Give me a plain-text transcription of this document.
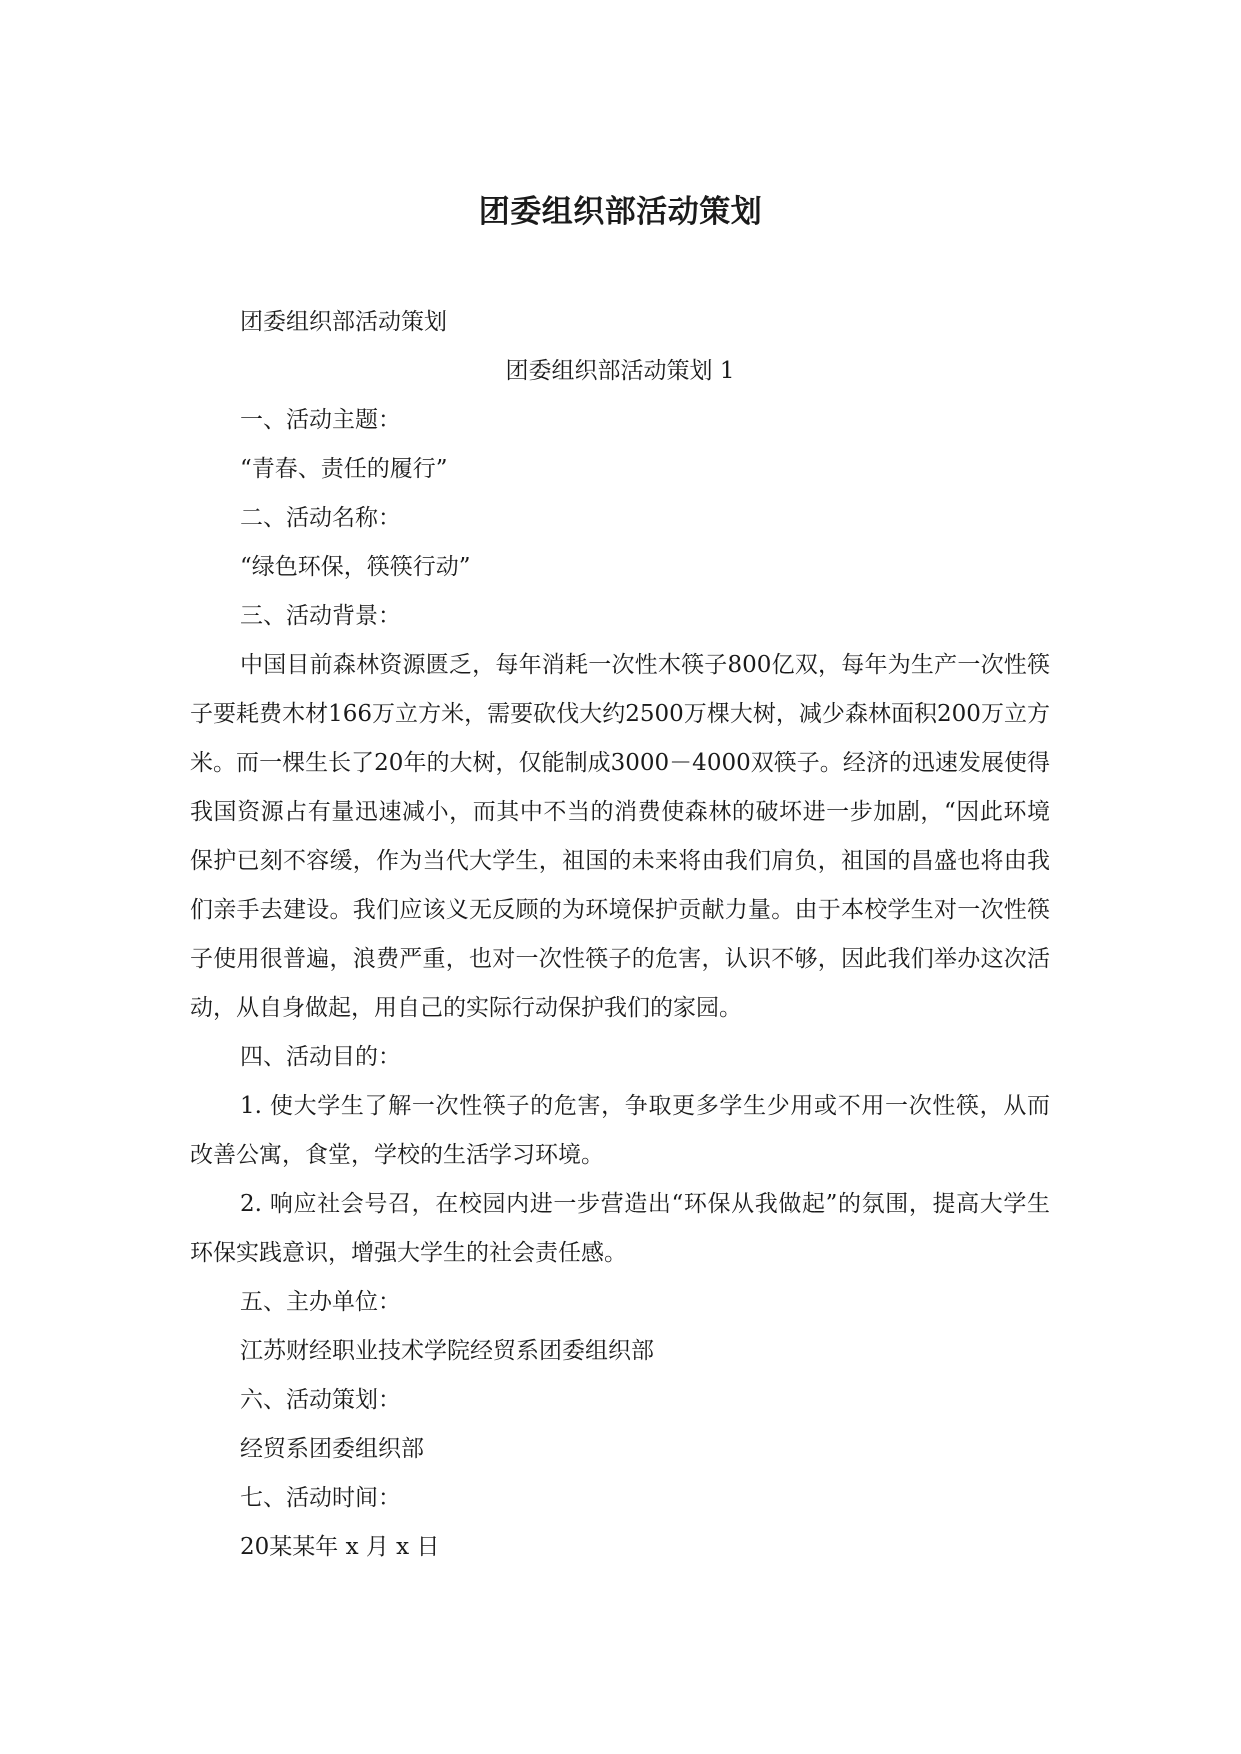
团委组织部活动策划

团委组织部活动策划

团委组织部活动策划 1

一、活动主题：

“青春、责任的履行”

二、活动名称：

“绿色环保，筷筷行动”

三、活动背景：

中国目前森林资源匮乏，每年消耗一次性木筷子800亿双，每年为生产一次性筷子要耗费木材166万立方米，需要砍伐大约2500万棵大树，减少森林面积200万立方米。而一棵生长了20年的大树，仅能制成3000－4000双筷子。经济的迅速发展使得我国资源占有量迅速减小，而其中不当的消费使森林的破坏进一步加剧，“因此环境保护已刻不容缓，作为当代大学生，祖国的未来将由我们肩负，祖国的昌盛也将由我们亲手去建设。我们应该义无反顾的为环境保护贡献力量。由于本校学生对一次性筷子使用很普遍，浪费严重，也对一次性筷子的危害，认识不够，因此我们举办这次活动，从自身做起，用自己的实际行动保护我们的家园。

四、活动目的：

1. 使大学生了解一次性筷子的危害，争取更多学生少用或不用一次性筷，从而改善公寓，食堂，学校的生活学习环境。

2. 响应社会号召，在校园内进一步营造出“环保从我做起”的氛围，提高大学生环保实践意识，增强大学生的社会责任感。

五、主办单位：

江苏财经职业技术学院经贸系团委组织部

六、活动策划：

经贸系团委组织部

七、活动时间：

20某某年 x 月 x 日
